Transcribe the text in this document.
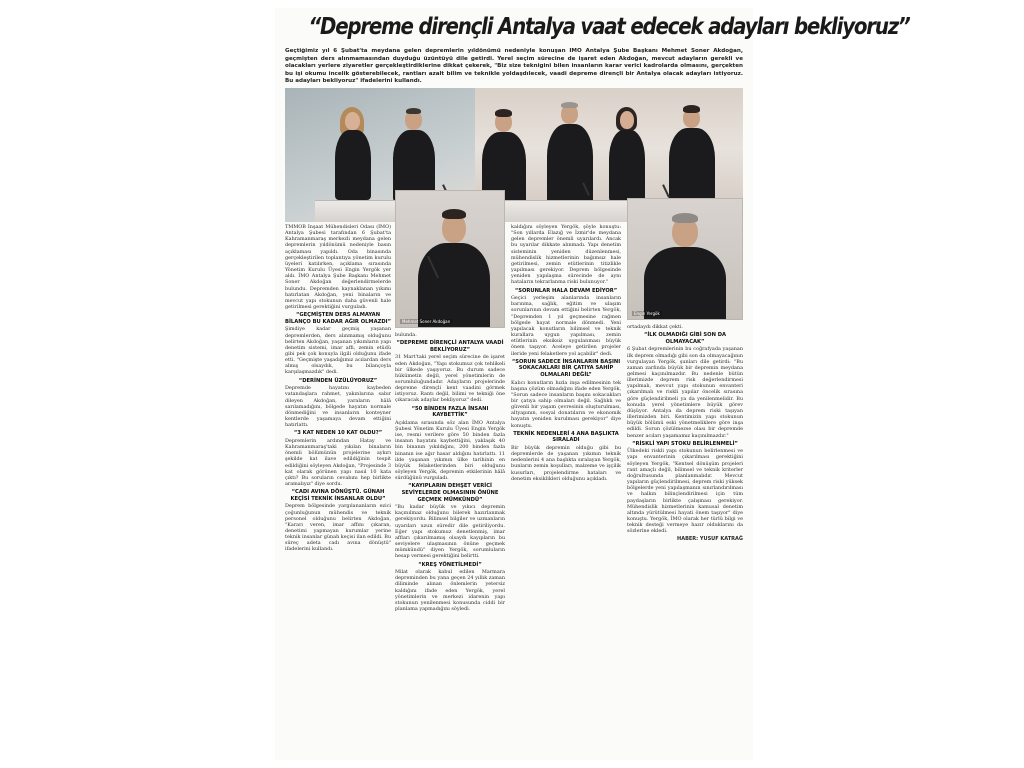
“Depreme dirençli Antalya vaat edecek adayları bekliyoruz”
Geçtiğimiz yıl 6 Şubat'ta meydana gelen depremlerin yıldönümü nedeniyle konuşan İMO Antalya Şube Başkanı Mehmet Soner Akdoğan, geçmişten ders alınmamasından duyduğu üzüntüyü dile getirdi. Yerel seçim sürecine de işaret eden Akdoğan, mevcut adayların gerekli ve olacakları yerlere ziyaretler gerçekleştirdiklerine dikkat çekerek, "Biz size teknigini bilen insanların karar verici kadrolarda olmasını, gerçekten bu işi okumu incelik gösterebilecek, rantları azalt bilim ve teknikle yoldaşdılecek, vaadi depreme dirençli bir Antalya olacak adayları istiyoruz. Bu adayları bekliyoruz" ifadelerini kullandı.

TMMOB İnşaat Mühendisleri Odası (İMO) Antalya Şubesi tarafından 6 Şubat'ta Kahramanmaraş merkezli meydana gelen depremlerin yıldönümü nedeniyle basın açıklaması yapıldı. Oda binasında gerçekleştirilen toplantıya yönetim kurulu üyeleri katılırken, açıklama sırasında Yönetim Kurulu Üyesi Engin Yergök yer aldı. İMO Antalya Şube Başkanı Mehmet Soner Akdoğan değerlendirmelerde bulundu. Depremden kaynaklanan yıkımı hatırlatan Akdoğan, yeni binaların ve mevcut yapı stokunun daha güvenli hale getirilmesi gerektiğini vurguladı.

“GEÇMİŞTEN DERS ALMAYAN BİLANÇO BU KADAR AĞIR OLMAZDI”

Şimdiye kadar geçmiş yaşanan depremlerden, ders alınmamış olduğunu belirten Akdoğan, yaşanan yıkımların yapı denetim sistemi, imar affı, zemin etüdü gibi pek çok konuyla ilgili olduğunu ifade etti. "Geçmişte yaşadığımız acılardan ders almış olsaydık, bu bilançoyla karşılaşmazdık" dedi.

“DERİNDEN ÜZÜLÜYORUZ”

Depremde hayatını kaybeden vatandaşlara rahmet, yakınlarına sabır dileyen Akdoğan, yaraların hâlâ sarılamadığını, bölgede hayatın normale dönmediğini ve insanların konteyner kentlerde yaşamaya devam ettiğini hatırlattı.

“3 KAT NEDEN 10 KAT OLDU?”

Depremlerin ardından Hatay ve Kahramanmaraş'taki yıkılan binaların önemli bölümünün projelerine aykırı şekilde kat ilave edildiğinin tespit edildiğini söyleyen Akdoğan, "Projesinde 3 kat olarak görünen yapı nasıl 10 kata çıktı? Bu soruların cevabını hep birlikte aramalıyız" diye sordu.

“CADI AVINA DÖNÜŞTÜ. GÜNAH KEÇİSİ TEKNİK İNSANLAR OLDU”

Deprem bölgesinde yargılananların ezici çoğunluğunun mühendis ve teknik personel olduğunu belirten Akdoğan, "Kararı veren, imar affını çıkaran, denetimi yapmayan kurumlar yerine teknik insanlar günah keçisi ilan edildi. Bu süreç adeta cadı avına dönüştü" ifadelerini kullandı.

Mehmet Soner Akdoğan

bulunda.

“DEPREME DİRENÇLİ ANTALYA VAADİ BEKLİYORUZ”

31 Mart'taki yerel seçim sürecine de işaret eden Akdoğan, "Yapı stokumuz çok tehlikeli bir ülkede yaşıyoruz. Bu durum sadece hükümetin değil, yerel yönetimlerin de sorumluluğundadır. Adayların projelerinde depreme dirençli kent vaadini görmek istiyoruz. Rantı değil, bilimi ve tekniği öne çıkaracak adaylar bekliyoruz" dedi.

“50 BİNDEN FAZLA İNSANI KAYBETTİK”

Açıklama sırasında söz alan İMO Antalya Şubesi Yönetim Kurulu Üyesi Engin Yergök ise, resmi verilere göre 50 binden fazla insanın hayatını kaybettiğini, yaklaşık 40 bin binanın yıkıldığını, 200 binden fazla binanın ise ağır hasar aldığını hatırlattı. 11 ilde yaşanan yıkımın ülke tarihinin en büyük felaketlerinden biri olduğunu söyleyen Yergök, depremin etkilerinin hâlâ sürdüğünü vurguladı.

“KAYIPLARIN DEHŞET VERİCİ SEVİYELERDE OLMASININ ÖNÜNE GEÇMEK MÜMKÜNDÜ”

"Bu kadar büyük ve yıkıcı depremin kaçınılmaz olduğunu bilerek hazırlanmak gerekiyordu. Bilimsel bilgiler ve uzmanların uyarıları uzun süredir dile getiriliyordu. Eğer yapı stokumuz denetlenmiş, imar affları çıkarılmamış olsaydı kayıpların bu seviyelere ulaşmasının önüne geçmek mümkündü" diyen Yergök, sorumluların hesap vermesi gerektiğini belirtti.

“KREŞ YÖNETİLMEDİ”

Milat olarak kabul edilen Marmara depreminden bu yana geçen 24 yıllık zaman diliminde alınan önlemlerin yetersiz kaldığını ifade eden Yergök, yerel yönetimlerin ve merkezi idarenin yapı stokunun yenilenmesi konusunda ciddi bir planlama yapmadığını söyledi.

kaldığını söyleyen Yergök, şöyle konuştu: "Son yıllarda Elazığ ve İzmir'de meydana gelen depremler önemli uyarılardı. Ancak bu uyarılar dikkate alınmadı. Yapı denetim sisteminin yeniden düzenlenmesi, mühendislik hizmetlerinin bağımsız hale getirilmesi, zemin etütlerinin titizlikle yapılması gerekiyor. Deprem bölgesinde yeniden yapılaşma sürecinde de aynı hataların tekrarlanma riski bulunuyor."

“SORUNLAR HALA DEVAM EDİYOR”

Geçici yerleşim alanlarında insanların barınma, sağlık, eğitim ve ulaşım sorunlarının devam ettiğini belirten Yergök, "Depremden 1 yıl geçmesine rağmen bölgede hayat normale dönmedi. Yeni yapılacak konutların bilimsel ve teknik kurallara uygun yapılması, zemin etütlerinin eksiksiz uygulanması büyük önem taşıyor. Aceleye getirilen projeler ileride yeni felaketlere yol açabilir" dedi.

“SORUN SADECE İNSANLARIN BAŞINI SOKACAKLARI BİR ÇATIYA SAHİP OLMALARI DEĞİL”

Kalıcı konutların hızla inşa edilmesinin tek başına çözüm olmadığını ifade eden Yergök, "Sorun sadece insanların başını sokacakları bir çatıya sahip olmaları değil. Sağlıklı ve güvenli bir yaşam çevresinin oluşturulması, altyapının, sosyal donatıların ve ekonomik hayatın yeniden kurulması gerekiyor" diye konuştu.

TEKNİK NEDENLERİ 4 ANA BAŞLIKTA SIRALADI

Bir büyük depremin olduğu gibi bu depremlerde de yaşanan yıkımın teknik nedenlerini 4 ana başlıkta sıralayan Yergök, bunların zemin koşulları, malzeme ve işçilik kusurları, projelendirme hataları ve denetim eksiklikleri olduğunu açıkladı.

Engin Yergök

ortadaydı dikkat çekti.

“İLK OLMADIĞI GİBİ SON DA OLMAYACAK”

6 Şubat depremlerinin bu coğrafyada yaşanan ilk deprem olmadığı gibi son da olmayacağının vurgulayan Yergök, şunları dile getirdi: "Bu zaman zarfında büyük bir depremin meydana gelmesi kaçınılmazdır. Bu nedenle bütün illerimizde deprem risk değerlendirmesi yapılmalı, mevcut yapı stokunun envanteri çıkarılmalı ve riskli yapılar öncelik sırasına göre güçlendirilmeli ya da yenilenmelidir. Bu konuda yerel yönetimlere büyük görev düşüyor. Antalya da deprem riski taşıyan illerimizden biri. Kentimizin yapı stokunun büyük bölümü eski yönetmeliklere göre inşa edildi. Sorun çözülmezse olası bir depremde benzer acıları yaşamamız kaçınılmazdır."

“RİSKLİ YAPI STOKU BELİRLENMELİ”

Ülkedeki riskli yapı stokunun belirlenmesi ve yapı envanterinin çıkarılması gerektiğini söyleyen Yergök, "Kentsel dönüşüm projeleri rant amaçlı değil, bilimsel ve teknik kriterler doğrultusunda planlanmalıdır. Mevcut yapıların güçlendirilmesi, deprem riski yüksek bölgelerde yeni yapılaşmanın sınırlandırılması ve halkın bilinçlendirilmesi için tüm paydaşların birlikte çalışması gerekiyor. Mühendislik hizmetlerinin kamusal denetim altında yürütülmesi hayati önem taşıyor" diye konuştu. Yergök, İMO olarak her türlü bilgi ve teknik desteği vermeye hazır olduklarını da sözlerine ekledi.

HABER: YUSUF KATRAĞ
